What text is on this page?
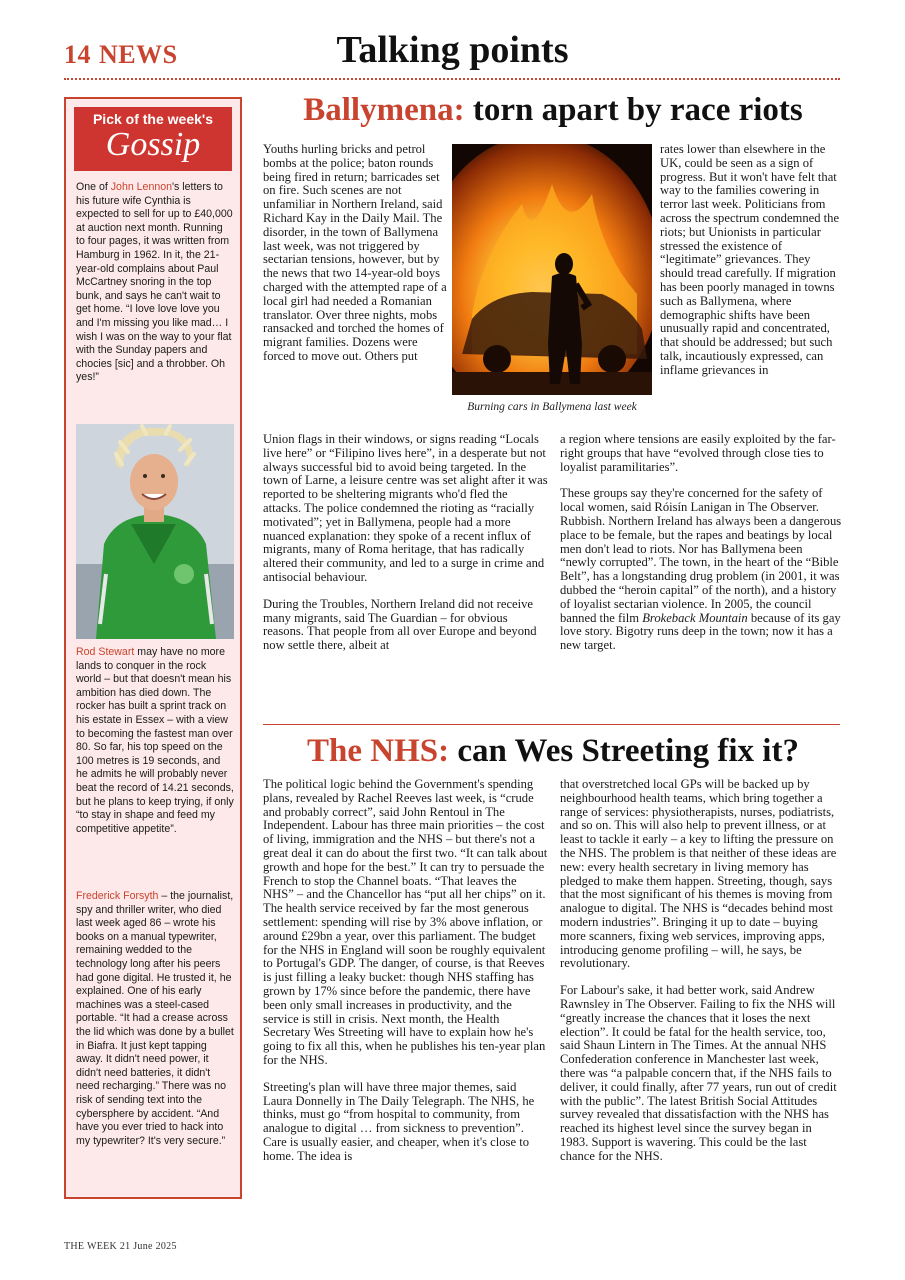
14 NEWS	Talking points
Pick of the week's
Gossip

One of John Lennon's letters to his future wife Cynthia is expected to sell for up to £40,000 at auction next month. Running to four pages, it was written from Hamburg in 1962. In it, the 21-year-old complains about Paul McCartney snoring in the top bunk, and says he can't wait to get home. “I love love love you and I'm missing you like mad… I wish I was on the way to your flat with the Sunday papers and chocies [sic] and a throbber. Oh yes!”

Rod Stewart may have no more lands to conquer in the rock world – but that doesn't mean his ambition has died down. The rocker has built a sprint track on his estate in Essex – with a view to becoming the fastest man over 80. So far, his top speed on the 100 metres is 19 seconds, and he admits he will probably never beat the record of 14.21 seconds, but he plans to keep trying, if only “to stay in shape and feed my competitive appetite”.

Frederick Forsyth – the journalist, spy and thriller writer, who died last week aged 86 – wrote his books on a manual typewriter, remaining wedded to the technology long after his peers had gone digital. He trusted it, he explained. One of his early machines was a steel-cased portable. “It had a crease across the lid which was done by a bullet in Biafra. It just kept tapping away. It didn't need power, it didn't need batteries, it didn't need recharging.” There was no risk of sending text into the cybersphere by accident. “And have you ever tried to hack into my typewriter? It's very secure.”

Ballymena: torn apart by race riots

Youths hurling bricks and petrol bombs at the police; baton rounds being fired in return; barricades set on fire. Such scenes are not unfamiliar in Northern Ireland, said Richard Kay in the Daily Mail. The disorder, in the town of Ballymena last week, was not triggered by sectarian tensions, however, but by the news that two 14-year-old boys charged with the attempted rape of a local girl had needed a Romanian translator. Over three nights, mobs ransacked and torched the homes of migrant families. Dozens were forced to move out. Others put

Burning cars in Ballymena last week

rates lower than elsewhere in the UK, could be seen as a sign of progress. But it won't have felt that way to the families cowering in terror last week. Politicians from across the spectrum condemned the riots; but Unionists in particular stressed the existence of “legitimate” grievances. They should tread carefully. If migration has been poorly managed in towns such as Ballymena, where demographic shifts have been unusually rapid and concentrated, that should be addressed; but such talk, incautiously expressed, can inflame grievances in

Union flags in their windows, or signs reading “Locals live here” or “Filipino lives here”, in a desperate but not always successful bid to avoid being targeted. In the town of Larne, a leisure centre was set alight after it was reported to be sheltering migrants who'd fled the attacks. The police condemned the rioting as “racially motivated”; yet in Ballymena, people had a more nuanced explanation: they spoke of a recent influx of migrants, many of Roma heritage, that has radically altered their community, and led to a surge in crime and antisocial behaviour.

During the Troubles, Northern Ireland did not receive many migrants, said The Guardian – for obvious reasons. That people from all over Europe and beyond now settle there, albeit at

a region where tensions are easily exploited by the far-right groups that have “evolved through close ties to loyalist paramilitaries”.

These groups say they're concerned for the safety of local women, said Róisín Lanigan in The Observer. Rubbish. Northern Ireland has always been a dangerous place to be female, but the rapes and beatings by local men don't lead to riots. Nor has Ballymena been “newly corrupted”. The town, in the heart of the “Bible Belt”, has a longstanding drug problem (in 2001, it was dubbed the “heroin capital” of the north), and a history of loyalist sectarian violence. In 2005, the council banned the film Brokeback Mountain because of its gay love story. Bigotry runs deep in the town; now it has a new target.

The NHS: can Wes Streeting fix it?

The political logic behind the Government's spending plans, revealed by Rachel Reeves last week, is “crude and probably correct”, said John Rentoul in The Independent. Labour has three main priorities – the cost of living, immigration and the NHS – but there's not a great deal it can do about the first two. “It can talk about growth and hope for the best.” It can try to persuade the French to stop the Channel boats. “That leaves the NHS” – and the Chancellor has “put all her chips” on it. The health service received by far the most generous settlement: spending will rise by 3% above inflation, or around £29bn a year, over this parliament. The budget for the NHS in England will soon be roughly equivalent to Portugal's GDP. The danger, of course, is that Reeves is just filling a leaky bucket: though NHS staffing has grown by 17% since before the pandemic, there have been only small increases in productivity, and the service is still in crisis. Next month, the Health Secretary Wes Streeting will have to explain how he's going to fix all this, when he publishes his ten-year plan for the NHS.

Streeting's plan will have three major themes, said Laura Donnelly in The Daily Telegraph. The NHS, he thinks, must go “from hospital to community, from analogue to digital … from sickness to prevention”. Care is usually easier, and cheaper, when it's close to home. The idea is

that overstretched local GPs will be backed up by neighbourhood health teams, which bring together a range of services: physiotherapists, nurses, podiatrists, and so on. This will also help to prevent illness, or at least to tackle it early – a key to lifting the pressure on the NHS. The problem is that neither of these ideas are new: every health secretary in living memory has pledged to make them happen. Streeting, though, says that the most significant of his themes is moving from analogue to digital. The NHS is “decades behind most modern industries”. Bringing it up to date – buying more scanners, fixing web services, improving apps, introducing genome profiling – will, he says, be revolutionary.

For Labour's sake, it had better work, said Andrew Rawnsley in The Observer. Failing to fix the NHS will “greatly increase the chances that it loses the next election”. It could be fatal for the health service, too, said Shaun Lintern in The Times. At the annual NHS Confederation conference in Manchester last week, there was “a palpable concern that, if the NHS fails to deliver, it could finally, after 77 years, run out of credit with the public”. The latest British Social Attitudes survey revealed that dissatisfaction with the NHS has reached its highest level since the survey began in 1983. Support is wavering. This could be the last chance for the NHS.

THE WEEK 21 June 2025
